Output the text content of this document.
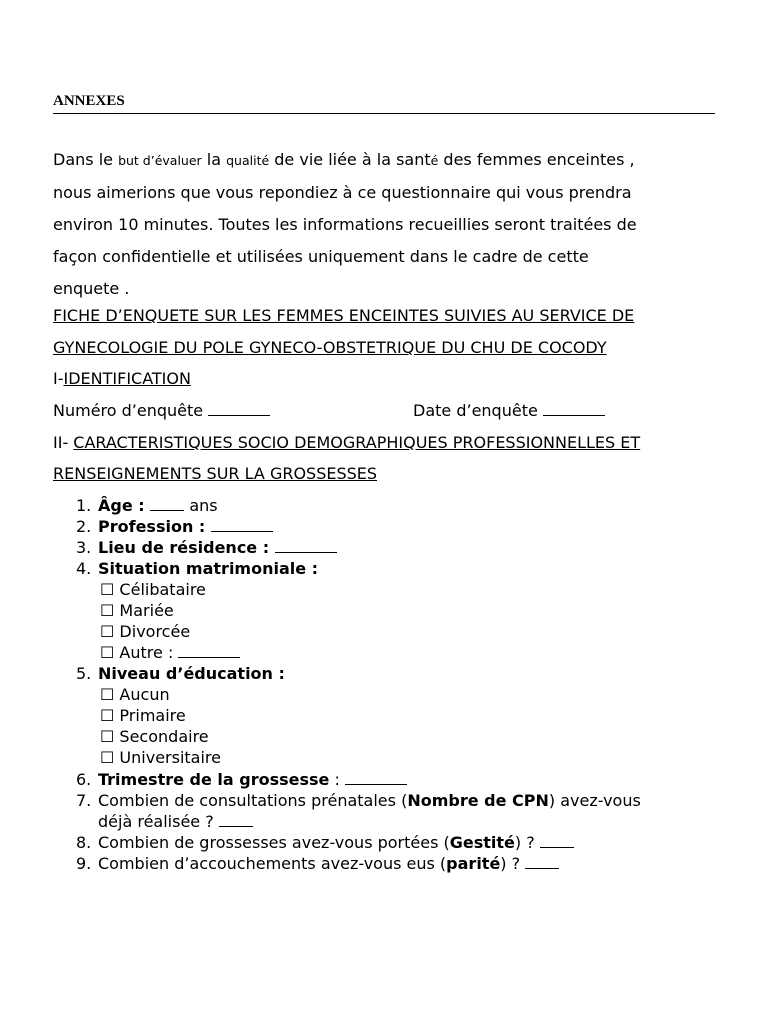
ANNEXES
Dans le but d’évaluer la qualité de vie liée à la santé des femmes enceintes ,
nous aimerions que vous repondiez à ce questionnaire qui vous prendra
environ 10 minutes. Toutes les informations recueillies seront traitées de
façon confidentielle et utilisées uniquement dans le cadre de cette
enquete .
FICHE D’ENQUETE SUR LES FEMMES ENCEINTES SUIVIES AU SERVICE DE
GYNECOLOGIE DU POLE GYNECO-OBSTETRIQUE DU CHU DE COCODY
I-IDENTIFICATION
Numéro d’enquête	Date d’enquête
II- CARACTERISTIQUES SOCIO DEMOGRAPHIQUES PROFESSIONNELLES ET
RENSEIGNEMENTS SUR LA GROSSESSES
1. Âge :  ans
2. Profession :
3. Lieu de résidence :
4. Situation matrimoniale :
☐ Célibataire
☐ Mariée
☐ Divorcée
☐ Autre :
5. Niveau d’éducation :
☐ Aucun
☐ Primaire
☐ Secondaire
☐ Universitaire
6. Trimestre de la grossesse :
7. Combien de consultations prénatales (Nombre de CPN) avez-vous
déjà réalisée ?
8. Combien de grossesses avez-vous portées (Gestité) ?
9. Combien d’accouchements avez-vous eus (parité) ?
